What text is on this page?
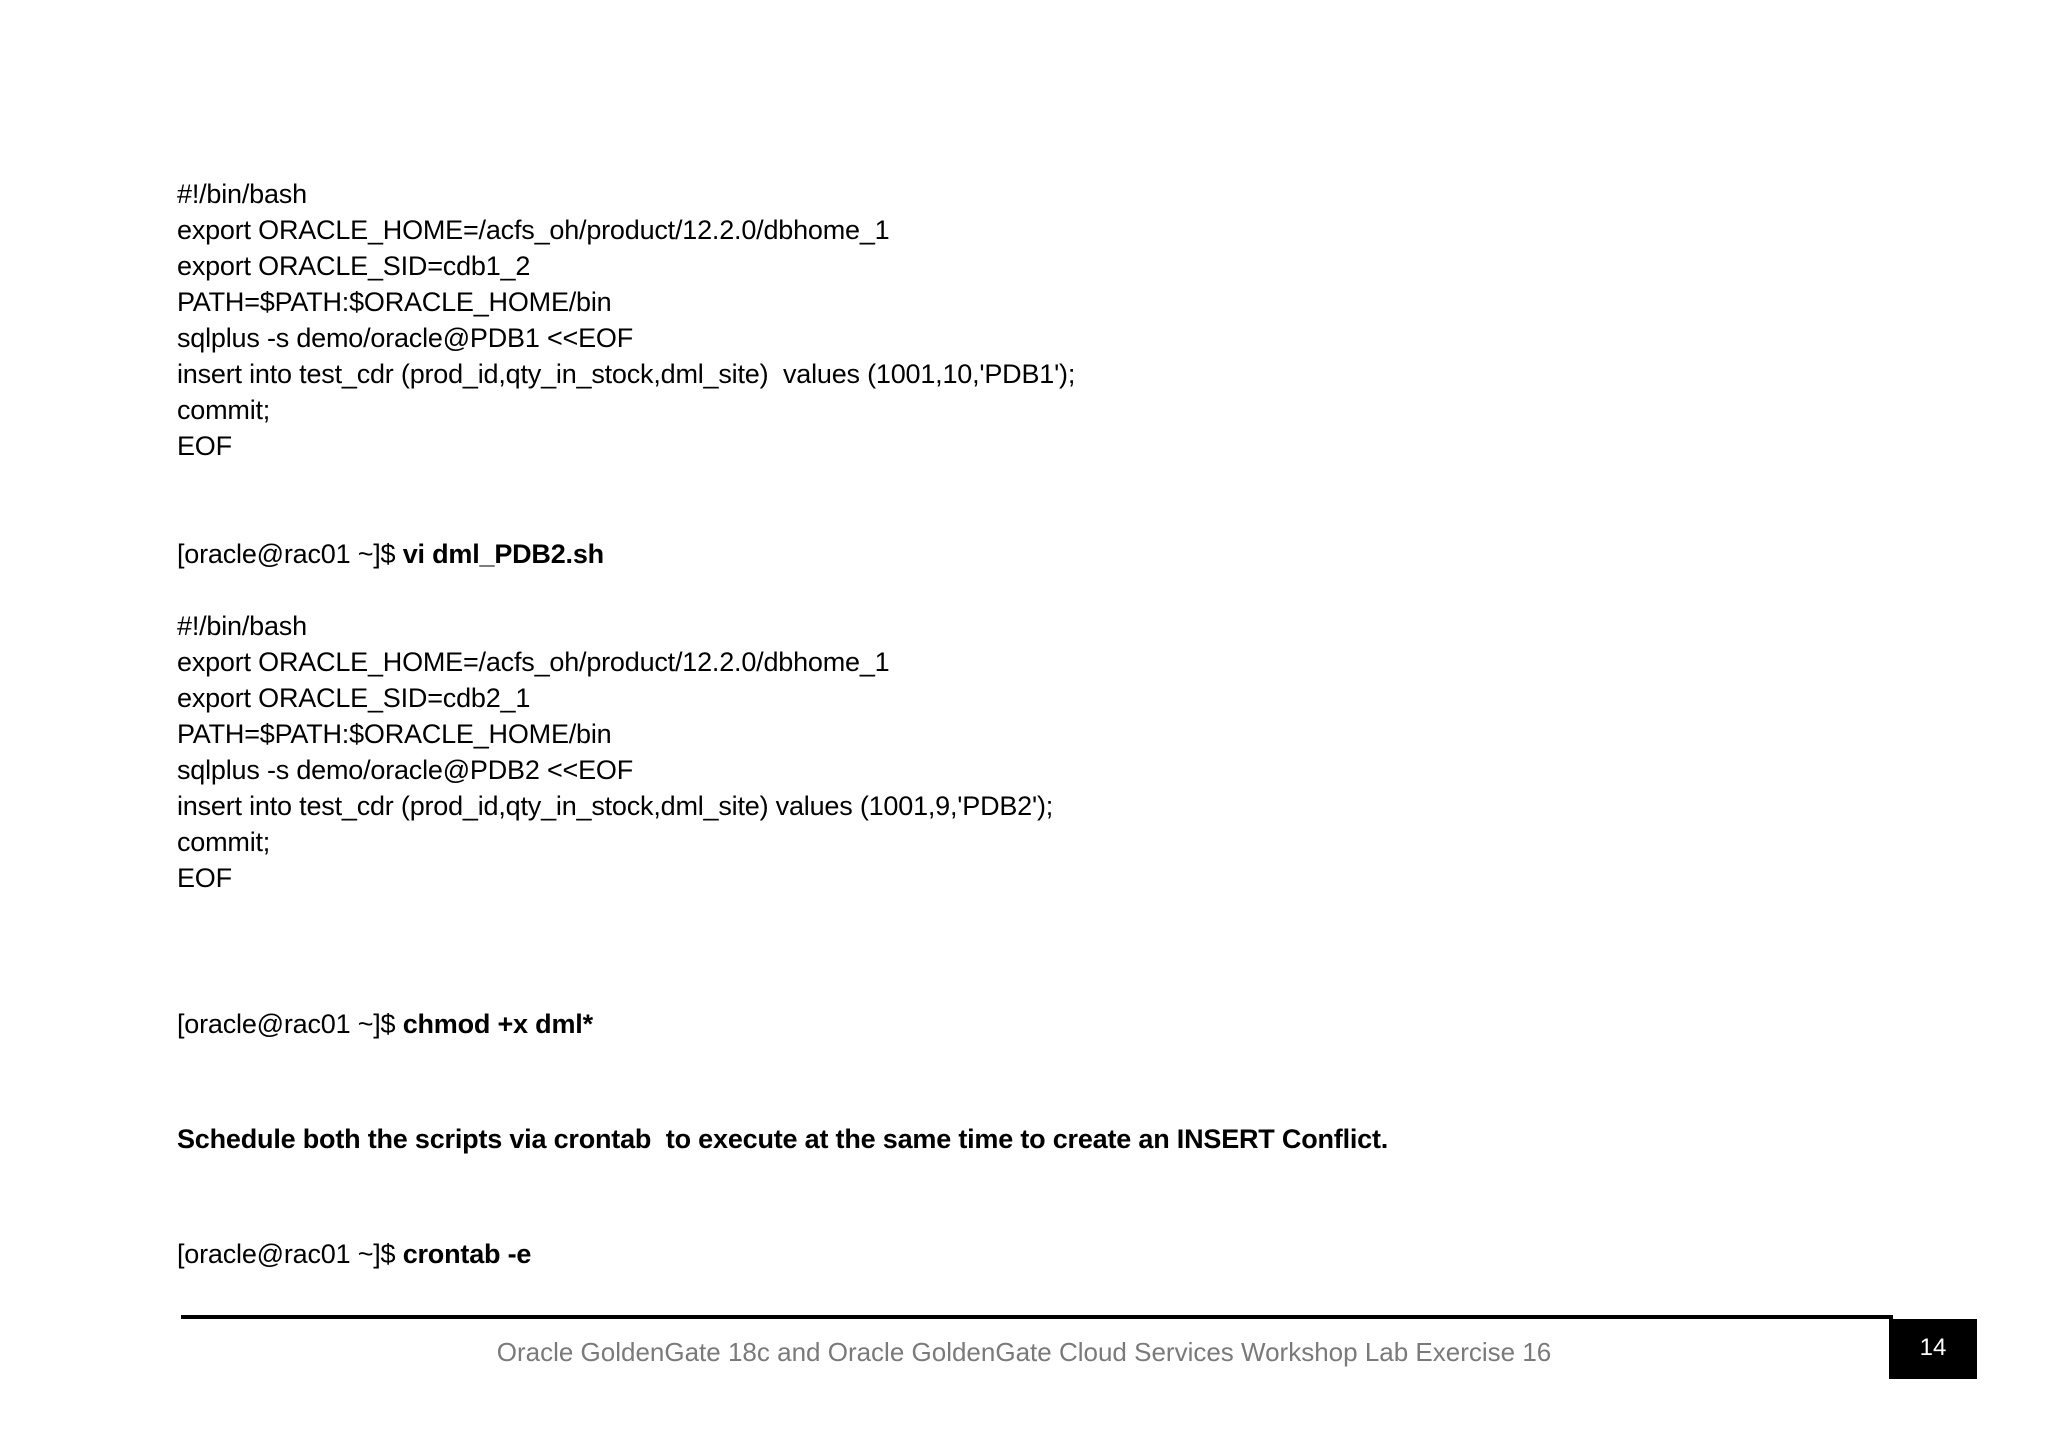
#!/bin/bash
export ORACLE_HOME=/acfs_oh/product/12.2.0/dbhome_1
export ORACLE_SID=cdb1_2
PATH=$PATH:$ORACLE_HOME/bin
sqlplus -s demo/oracle@PDB1 <<EOF
insert into test_cdr (prod_id,qty_in_stock,dml_site)  values (1001,10,'PDB1');
commit;
EOF
[oracle@rac01 ~]$ vi dml_PDB2.sh
#!/bin/bash
export ORACLE_HOME=/acfs_oh/product/12.2.0/dbhome_1
export ORACLE_SID=cdb2_1
PATH=$PATH:$ORACLE_HOME/bin
sqlplus -s demo/oracle@PDB2 <<EOF
insert into test_cdr (prod_id,qty_in_stock,dml_site) values (1001,9,'PDB2');
commit;
EOF
[oracle@rac01 ~]$ chmod +x dml*
Schedule both the scripts via crontab  to execute at the same time to create an INSERT Conflict.
[oracle@rac01 ~]$ crontab -e
Oracle GoldenGate 18c and Oracle GoldenGate Cloud Services Workshop Lab Exercise 16	14
